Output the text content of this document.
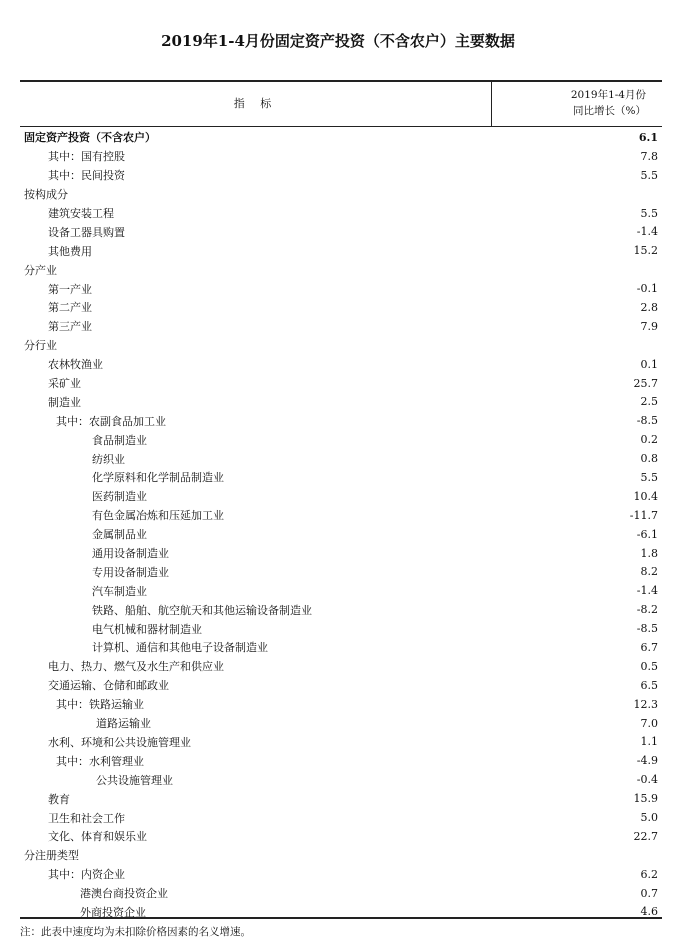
2019年1-4月份固定资产投资（不含农户）主要数据
指 标
2019年1-4月份
同比增长（%）
固定资产投资（不含农户）	6.1
其中：国有控股	7.8
其中：民间投资	5.5
按构成分
建筑安装工程	5.5
设备工器具购置	-1.4
其他费用	15.2
分产业
第一产业	-0.1
第二产业	2.8
第三产业	7.9
分行业
农林牧渔业	0.1
采矿业	25.7
制造业	2.5
其中：农副食品加工业	-8.5
食品制造业	0.2
纺织业	0.8
化学原料和化学制品制造业	5.5
医药制造业	10.4
有色金属冶炼和压延加工业	-11.7
金属制品业	-6.1
通用设备制造业	1.8
专用设备制造业	8.2
汽车制造业	-1.4
铁路、船舶、航空航天和其他运输设备制造业	-8.2
电气机械和器材制造业	-8.5
计算机、通信和其他电子设备制造业	6.7
电力、热力、燃气及水生产和供应业	0.5
交通运输、仓储和邮政业	6.5
其中：铁路运输业	12.3
道路运输业	7.0
水利、环境和公共设施管理业	1.1
其中：水利管理业	-4.9
公共设施管理业	-0.4
教育	15.9
卫生和社会工作	5.0
文化、体育和娱乐业	22.7
分注册类型
其中：内资企业	6.2
港澳台商投资企业	0.7
外商投资企业	4.6
注：此表中速度均为未扣除价格因素的名义增速。
